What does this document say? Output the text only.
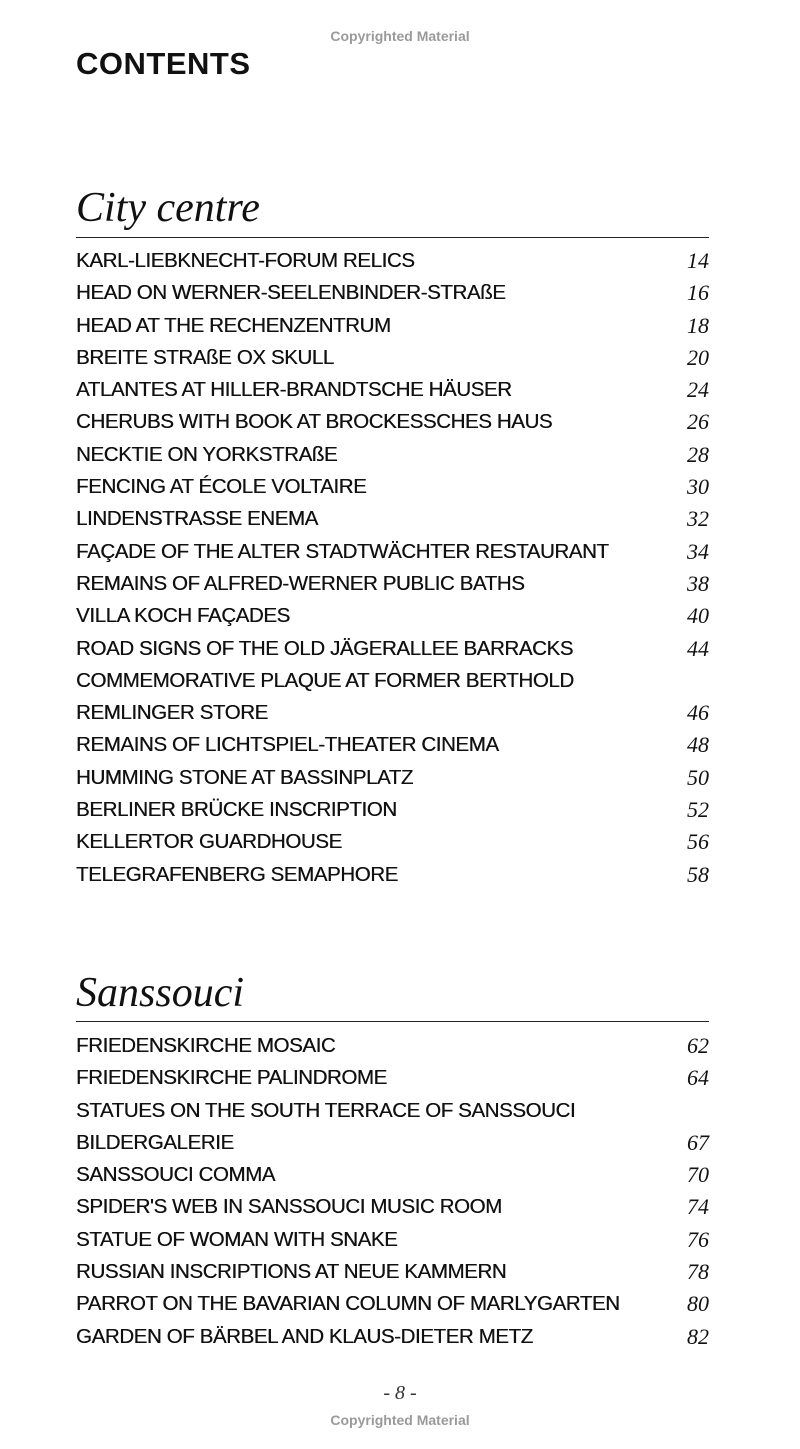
Copyrighted Material
CONTENTS
City centre
KARL-LIEBKNECHT-FORUM RELICS	14
HEAD ON WERNER-SEELENBINDER-STRAßE	16
HEAD AT THE RECHENZENTRUM	18
BREITE STRAßE OX SKULL	20
ATLANTES AT HILLER-BRANDTSCHE HÄUSER	24
CHERUBS WITH BOOK AT BROCKESSCHES HAUS	26
NECKTIE ON YORKSTRAßE	28
FENCING AT ÉCOLE VOLTAIRE	30
LINDENSTRASSE ENEMA	32
FAÇADE OF THE ALTER STADTWÄCHTER RESTAURANT	34
REMAINS OF ALFRED-WERNER PUBLIC BATHS	38
VILLA KOCH FAÇADES	40
ROAD SIGNS OF THE OLD JÄGERALLEE BARRACKS	44
COMMEMORATIVE PLAQUE AT FORMER BERTHOLD
REMLINGER STORE	46
REMAINS OF LICHTSPIEL-THEATER CINEMA	48
HUMMING STONE AT BASSINPLATZ	50
BERLINER BRÜCKE INSCRIPTION	52
KELLERTOR GUARDHOUSE	56
TELEGRAFENBERG SEMAPHORE	58
Sanssouci
FRIEDENSKIRCHE MOSAIC	62
FRIEDENSKIRCHE PALINDROME	64
STATUES ON THE SOUTH TERRACE OF SANSSOUCI
BILDERGALERIE	67
SANSSOUCI COMMA	70
SPIDER'S WEB IN SANSSOUCI MUSIC ROOM	74
STATUE OF WOMAN WITH SNAKE	76
RUSSIAN INSCRIPTIONS AT NEUE KAMMERN	78
PARROT ON THE BAVARIAN COLUMN OF MARLYGARTEN	80
GARDEN OF BÄRBEL AND KLAUS-DIETER METZ	82
- 8 -
Copyrighted Material
